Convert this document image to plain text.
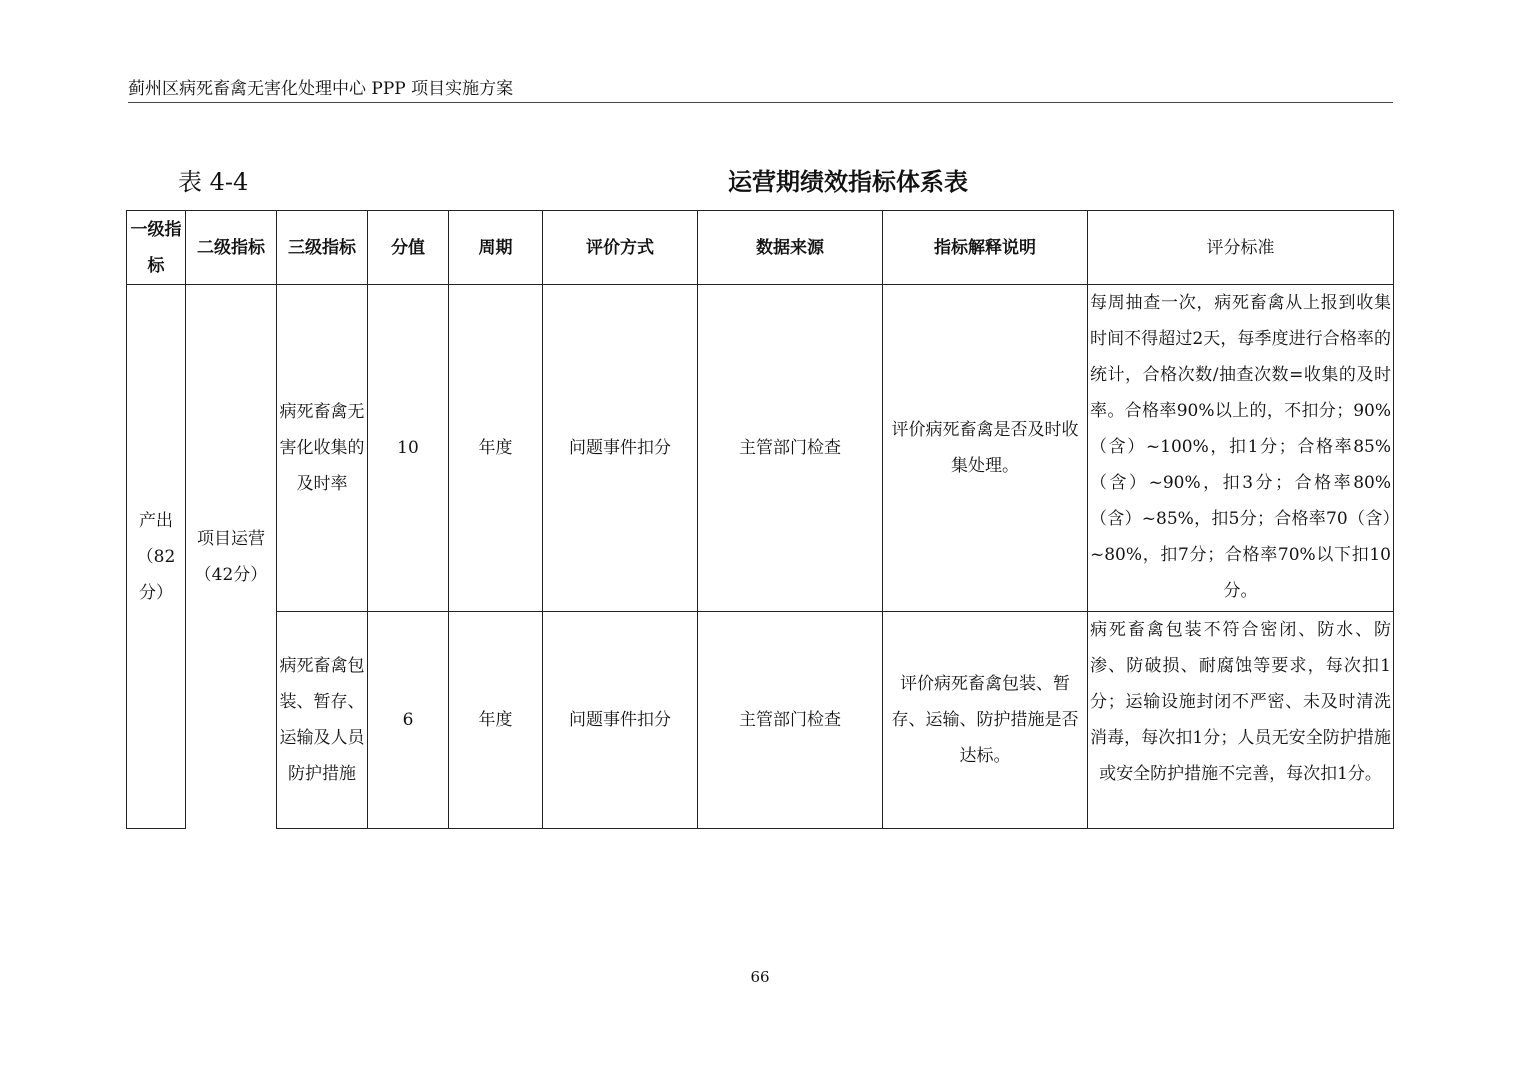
蓟州区病死畜禽无害化处理中心 PPP 项目实施方案
表 4-4	运营期绩效指标体系表
一级指标	二级指标	三级指标	分值	周期	评价方式	数据来源	指标解释说明	评分标准
产出（82分）	项目运营（42分）	病死畜禽无害化收集的及时率	10	年度	问题事件扣分	主管部门检查	评价病死畜禽是否及时收集处理。	每周抽查一次，病死畜禽从上报到收集时间不得超过2天，每季度进行合格率的统计，合格次数/抽查次数=收集的及时率。合格率90%以上的，不扣分；90%（含）~100%，扣1分；合格率85%（含）~90%，扣3分；合格率80%（含）~85%，扣5分；合格率70（含）~80%，扣7分；合格率70%以下扣10分。
		病死畜禽包装、暂存、运输及人员防护措施	6	年度	问题事件扣分	主管部门检查	评价病死畜禽包装、暂存、运输、防护措施是否达标。	病死畜禽包装不符合密闭、防水、防渗、防破损、耐腐蚀等要求，每次扣1分；运输设施封闭不严密、未及时清洗消毒，每次扣1分；人员无安全防护措施或安全防护措施不完善，每次扣1分。
66
